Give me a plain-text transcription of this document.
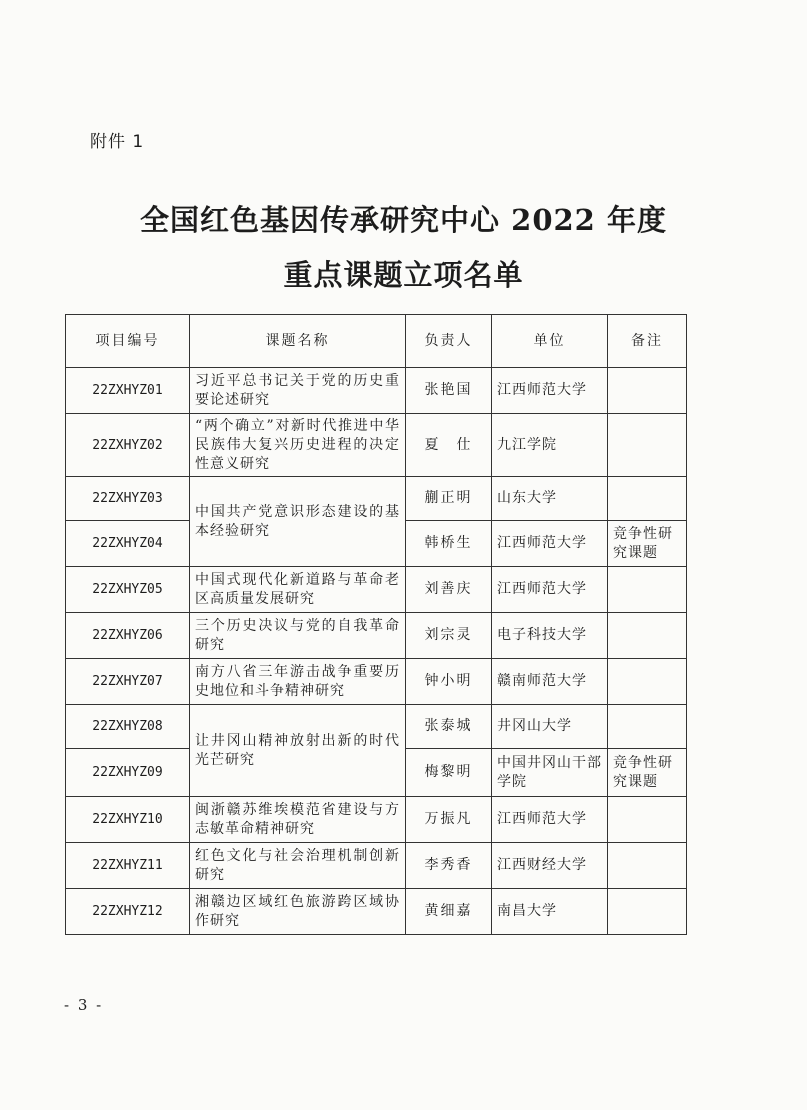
附件 1
全国红色基因传承研究中心 2022 年度
重点课题立项名单
项目编号	课题名称	负责人	单位	备注
22ZXHYZ01	习近平总书记关于党的历史重要论述研究	张艳国	江西师范大学	
22ZXHYZ02	“两个确立”对新时代推进中华民族伟大复兴历史进程的决定性意义研究	夏　仕	九江学院	
22ZXHYZ03	中国共产党意识形态建设的基本经验研究	蒯正明	山东大学	
22ZXHYZ04		韩桥生	江西师范大学	竞争性研究课题
22ZXHYZ05	中国式现代化新道路与革命老区高质量发展研究	刘善庆	江西师范大学	
22ZXHYZ06	三个历史决议与党的自我革命研究	刘宗灵	电子科技大学	
22ZXHYZ07	南方八省三年游击战争重要历史地位和斗争精神研究	钟小明	赣南师范大学	
22ZXHYZ08	让井冈山精神放射出新的时代光芒研究	张泰城	井冈山大学	
22ZXHYZ09		梅黎明	中国井冈山干部学院	竞争性研究课题
22ZXHYZ10	闽浙赣苏维埃模范省建设与方志敏革命精神研究	万振凡	江西师范大学	
22ZXHYZ11	红色文化与社会治理机制创新研究	李秀香	江西财经大学	
22ZXHYZ12	湘赣边区域红色旅游跨区域协作研究	黄细嘉	南昌大学	
- 3 -
